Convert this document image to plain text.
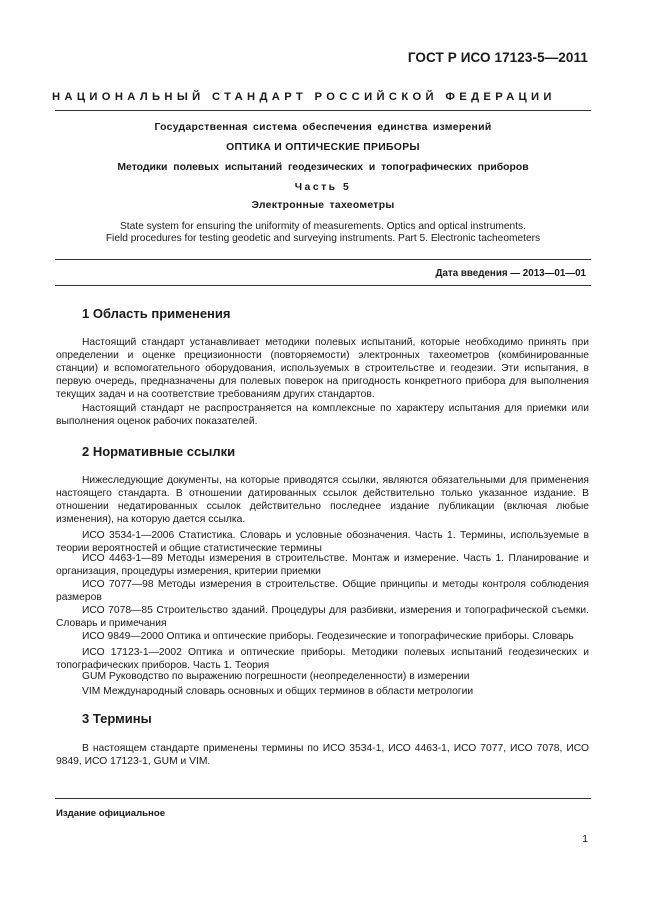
ГОСТ Р ИСО 17123-5—2011
НАЦИОНАЛЬНЫЙ СТАНДАРТ РОССИЙСКОЙ ФЕДЕРАЦИИ
Государственная система обеспечения единства измерений
ОПТИКА И ОПТИЧЕСКИЕ ПРИБОРЫ
Методики полевых испытаний геодезических и топографических приборов
Часть 5
Электронные тахеометры
State system for ensuring the uniformity of measurements. Optics and optical instruments.
Field procedures for testing geodetic and surveying instruments. Part 5. Electronic tacheometers
Дата введения — 2013—01—01
1 Область применения

Настоящий стандарт устанавливает методики полевых испытаний, которые необходимо принять при определении и оценке прецизионности (повторяемости) электронных тахеометров (комбинированные станции) и вспомогательного оборудования, используемых в строительстве и геодезии. Эти испытания, в первую очередь, предназначены для полевых поверок на пригодность конкретного прибора для выполнения текущих задач и на соответствие требованиям других стандартов.

Настоящий стандарт не распространяется на комплексные по характеру испытания для приемки или выполнения оценок рабочих показателей.

2 Нормативные ссылки

Нижеследующие документы, на которые приводятся ссылки, являются обязательными для применения настоящего стандарта. В отношении датированных ссылок действительно только указанное издание. В отношении недатированных ссылок действительно последнее издание публикации (включая любые изменения), на которую дается ссылка.

ИСО 3534-1—2006 Статистика. Словарь и условные обозначения. Часть 1. Термины, используемые в теории вероятностей и общие статистические термины

ИСО 4463-1—89 Методы измерения в строительстве. Монтаж и измерение. Часть 1. Планирование и организация, процедуры измерения, критерии приемки

ИСО 7077—98 Методы измерения в строительстве. Общие принципы и методы контроля соблюдения размеров

ИСО 7078—85 Строительство зданий. Процедуры для разбивки, измерения и топографической съемки. Словарь и примечания

ИСО 9849—2000 Оптика и оптические приборы. Геодезические и топографические приборы. Словарь

ИСО 17123-1—2002 Оптика и оптические приборы. Методики полевых испытаний геодезических и топографических приборов. Часть 1. Теория

GUM Руководство по выражению погрешности (неопределенности) в измерении

VIM Международный словарь основных и общих терминов в области метрологии

3 Термины

В настоящем стандарте применены термины по ИСО 3534-1, ИСО 4463-1, ИСО 7077, ИСО 7078, ИСО 9849, ИСО 17123-1, GUM и VIM.

Издание официальное
1
